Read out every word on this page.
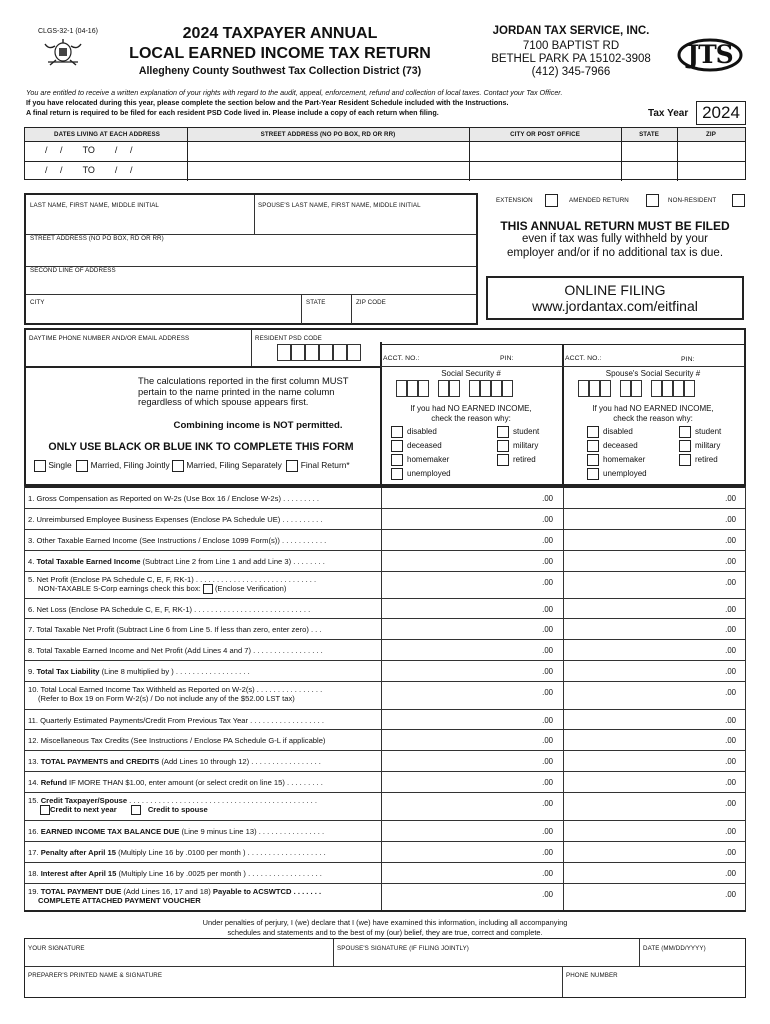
CLGS-32-1 (04-16)	2024 TAXPAYER ANNUAL
LOCAL EARNED INCOME TAX RETURN
Allegheny County Southwest Tax Collection District (73)
JORDAN TAX SERVICE, INC.
7100 BAPTIST RD
BETHEL PARK PA 15102-3908
(412) 345-7966
JTS
You are entitled to receive a written explanation of your rights with regard to the audit, appeal, enforcement, refund and collection of local taxes. Contact your Tax Officer.
If you have relocated during this year, please complete the section below and the Part-Year Resident Schedule included with the Instructions.
A final return is required to be filed for each resident PSD Code lived in. Please include a copy of each return when filing.	Tax Year 2024
DATES LIVING AT EACH ADDRESS	STREET ADDRESS (NO PO BOX, RD OR RR)	CITY OR POST OFFICE	STATE	ZIP
/ / TO / /
/ / TO / /
LAST NAME, FIRST NAME, MIDDLE INITIAL	SPOUSE'S LAST NAME, FIRST NAME, MIDDLE INITIAL
STREET ADDRESS (NO PO BOX, RD OR RR)
SECOND LINE OF ADDRESS
CITY	STATE	ZIP CODE
EXTENSION	AMENDED RETURN	NON-RESIDENT
THIS ANNUAL RETURN MUST BE FILED
even if tax was fully withheld by your
employer and/or if no additional tax is due.
ONLINE FILING
www.jordantax.com/eitfinal
DAYTIME PHONE NUMBER AND/OR EMAIL ADDRESS	RESIDENT PSD CODE
The calculations reported in the first column MUST pertain to the name printed in the name column regardless of which spouse appears first.
Combining income is NOT permitted.
ONLY USE BLACK OR BLUE INK TO COMPLETE THIS FORM
Single Married, Filing Jointly Married, Filing Separately Final Return*
ACCT. NO.:	PIN:
Social Security #

If you had NO EARNED INCOME,
check the reason why:
disabled	student
deceased	military
homemaker	retired
unemployed
ACCT. NO.:	PIN:
Spouse's Social Security #

If you had NO EARNED INCOME,
check the reason why:
disabled	student
deceased	military
homemaker	retired
unemployed
1. Gross Compensation as Reported on W-2s (Use Box 16 / Enclose W-2s) . . . . . . . . .	.00	.00
2. Unreimbursed Employee Business Expenses (Enclose PA Schedule UE) . . . . . . . . . .	.00	.00
3. Other Taxable Earned Income (See Instructions / Enclose 1099 Form(s)) . . . . . . . . . . .	.00	.00
4. Total Taxable Earned Income (Subtract Line 2 from Line 1 and add Line 3) . . . . . . . .	.00	.00
5. Net Profit (Enclose PA Schedule C, E, F, RK-1) . . . . . . . . . . . . . . . . . . . . . . . . . . . . .
NON-TAXABLE S-Corp earnings check this box: (Enclose Verification)
.00	.00
6. Net Loss (Enclose PA Schedule C, E, F, RK-1) . . . . . . . . . . . . . . . . . . . . . . . . . . . .	.00	.00
7. Total Taxable Net Profit (Subtract Line 6 from Line 5. If less than zero, enter zero) . . .	.00	.00
8. Total Taxable Earned Income and Net Profit (Add Lines 4 and 7) . . . . . . . . . . . . . . . . .	.00	.00
9. Total Tax Liability (Line 8 multiplied by ) . . . . . . . . . . . . . . . . . .	.00	.00
10. Total Local Earned Income Tax Withheld as Reported on W-2(s) . . . . . . . . . . . . . . . .
(Refer to Box 19 on Form W-2(s) / Do not include any of the $52.00 LST tax)
.00	.00
11. Quarterly Estimated Payments/Credit From Previous Tax Year . . . . . . . . . . . . . . . . . .	.00	.00
12. Miscellaneous Tax Credits (See Instructions / Enclose PA Schedule G-L if applicable)	.00	.00
13. TOTAL PAYMENTS and CREDITS (Add Lines 10 through 12) . . . . . . . . . . . . . . . . .	.00	.00
14. Refund IF MORE THAN $1.00, enter amount (or select credit on line 15) . . . . . . . . .	.00	.00
15. Credit Taxpayer/Spouse . . . . . . . . . . . . . . . . . . . . . . . . . . . . . . . . . . . . . . . . . . . . .
Credit to next year	Credit to spouse
.00	.00
16. EARNED INCOME TAX BALANCE DUE (Line 9 minus Line 13) . . . . . . . . . . . . . . . .	.00	.00
17. Penalty after April 15 (Multiply Line 16 by .0100 per month ) . . . . . . . . . . . . . . . . . . .	.00	.00
18. Interest after April 15 (Multiply Line 16 by .0025 per month ) . . . . . . . . . . . . . . . . . .	.00	.00
19. TOTAL PAYMENT DUE (Add Lines 16, 17 and 18) Payable to ACSWTCD . . . . . . .
COMPLETE ATTACHED PAYMENT VOUCHER
.00	.00
Under penalties of perjury, I (we) declare that I (we) have examined this information, including all accompanying
schedules and statements and to the best of my (our) belief, they are true, correct and complete.
YOUR SIGNATURE	SPOUSE'S SIGNATURE (IF FILING JOINTLY)	DATE (MM/DD/YYYY)
PREPARER'S PRINTED NAME & SIGNATURE	PHONE NUMBER
